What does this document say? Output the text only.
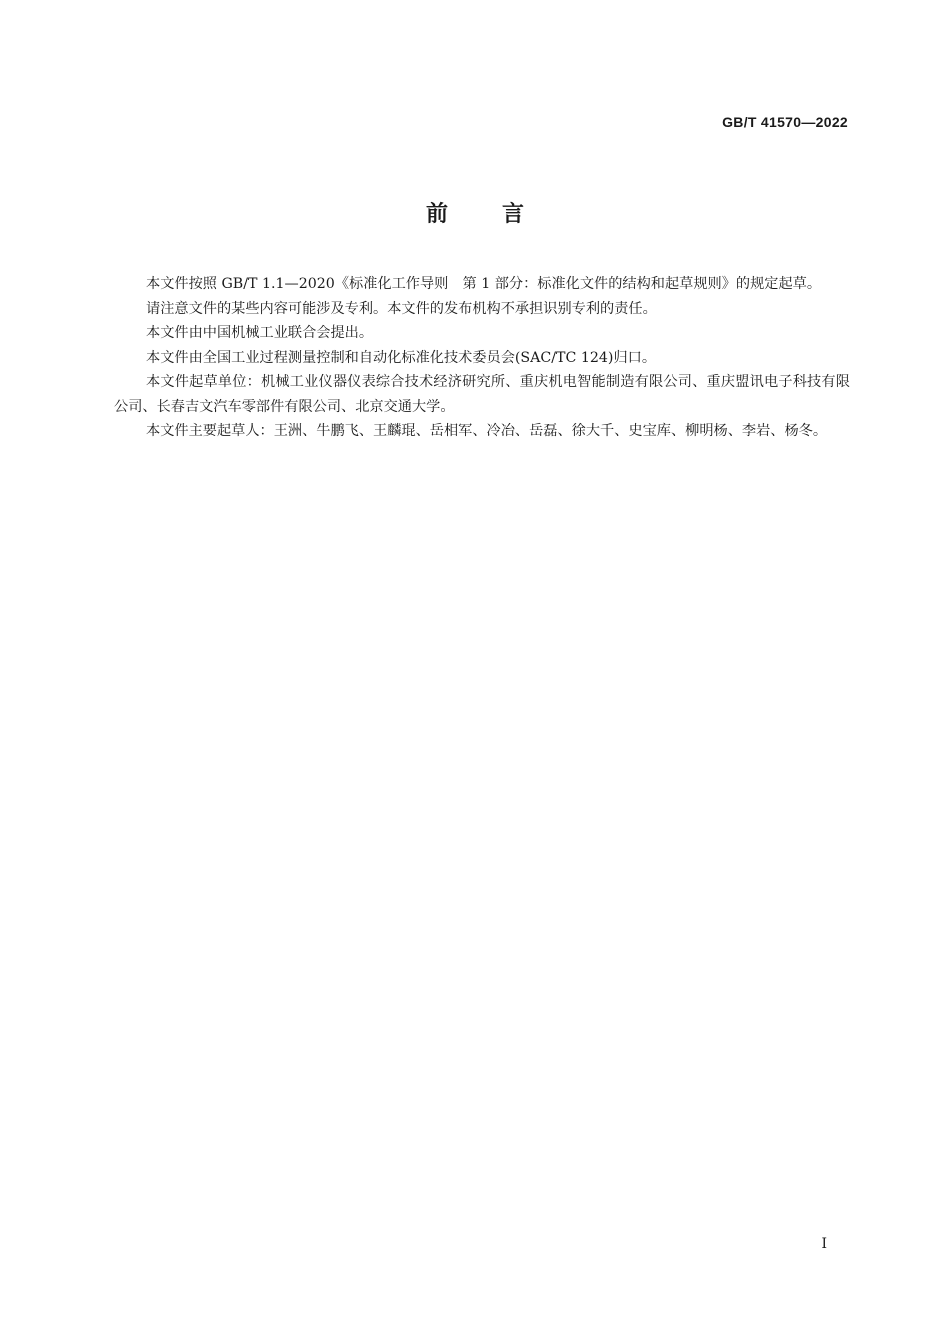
GB/T 41570—2022
前言

本文件按照 GB/T 1.1—2020《标准化工作导则　第 1 部分：标准化文件的结构和起草规则》的规定起草。

请注意文件的某些内容可能涉及专利。本文件的发布机构不承担识别专利的责任。

本文件由中国机械工业联合会提出。

本文件由全国工业过程测量控制和自动化标准化技术委员会(SAC/TC 124)归口。

本文件起草单位：机械工业仪器仪表综合技术经济研究所、重庆机电智能制造有限公司、重庆盟讯电子科技有限公司、长春吉文汽车零部件有限公司、北京交通大学。

本文件主要起草人：王洲、牛鹏飞、王麟琨、岳相军、冷冶、岳磊、徐大千、史宝库、柳明杨、李岩、杨冬。

I
